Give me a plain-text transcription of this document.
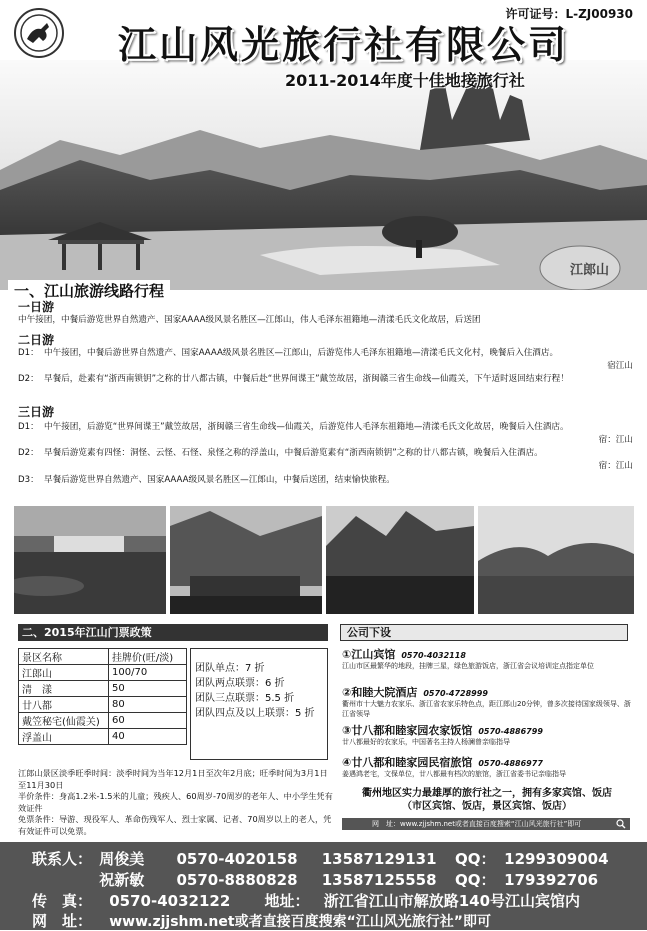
江郎山
许可证号：L-ZJ00930
江山风光旅行社有限公司
2011-2014年度十佳地接旅行社
一、江山旅游线路行程
一日游
中午接团，中餐后游览世界自然遗产、国家AAAA级风景名胜区—江郎山，伟人毛泽东祖籍地—清漾毛氏文化故居，后送团
二日游
D1： 中午接团，中餐后游世界自然遗产、国家AAAA级风景名胜区—江郎山，后游览伟人毛泽东祖籍地—清漾毛氏文化村，晚餐后入住酒店。
宿江山
D2： 早餐后，赴素有“浙西南锁钥”之称的廿八都古镇，中餐后赴“世界间谍王”戴笠故居，浙闽赣三省生命线—仙霞关，下午适时返回结束行程！
三日游
D1： 中午接团，后游览“世界间谍王”戴笠故居，浙闽赣三省生命线—仙霞关，后游览伟人毛泽东祖籍地—清漾毛氏文化故居，晚餐后入住酒店。
宿：江山
D2： 早餐后游览素有四怪：洞怪、云怪、石怪、泉怪之称的浮盖山，中餐后游览素有“浙西南锁钥”之称的廿八都古镇，晚餐后入住酒店。
宿：江山
D3： 早餐后游览世界自然遗产、国家AAAA级风景名胜区—江郎山，中餐后送团，结束愉快旅程。
二、2015年江山门票政策
景区名称	挂牌价(旺/淡)
江郎山	100/70
清　漾	50
廿八都	80
戴笠秘宅(仙霞关)	60
浮盖山	40
团队单点：7 折
团队两点联票：6 折
团队三点联票：5.5 折
团队四点及以上联票：5 折
江郎山景区淡季旺季时间：淡季时间为当年12月1日至次年2月底；旺季时间为3月1日至11月30日
半价条件：身高1.2米-1.5米的儿童；残疾人、60周岁-70周岁的老年人、中小学生凭有效证件
免票条件：导游、现役军人、革命伤残军人、烈士家属、记者、70周岁以上的老人，凭有效证件可以免票。
公司下设
①江山宾馆 0570-4032118
江山市区最繁华的地段，挂牌三星，绿色旅游饭店，浙江省会议培训定点指定单位
②和睦大院酒店 0570-4728999
衢州市十大魅力农家乐、浙江省农家乐特色点，距江郎山20分钟，曾多次接待国家级领导、浙江省领导
③廿八都和睦家园农家饭馆 0570-4886799
廿八都最好的农家乐，中国著名主持人杨澜曾亲临指导
④廿八都和睦家园民宿旅馆 0570-4886977
姜遇鸿老宅，文保单位，廿八都最有档次的旅馆，浙江省委书记亲临指导
衢州地区实力最雄厚的旅行社之一，拥有多家宾馆、饭店
（市区宾馆、饭店，景区宾馆、饭店）
网　址：www.zjjshm.net或者直接百度搜索“江山风光旅行社”即可
联系人： 周俊美 0570-4020158 13587129131 QQ： 1299309004
祝新敏 0570-8880828 13587125558 QQ： 179392706
传　真： 0570-4032122 地址： 浙江省江山市解放路140号江山宾馆内
网　址： www.zjjshm.net或者直接百度搜索“江山风光旅行社”即可
